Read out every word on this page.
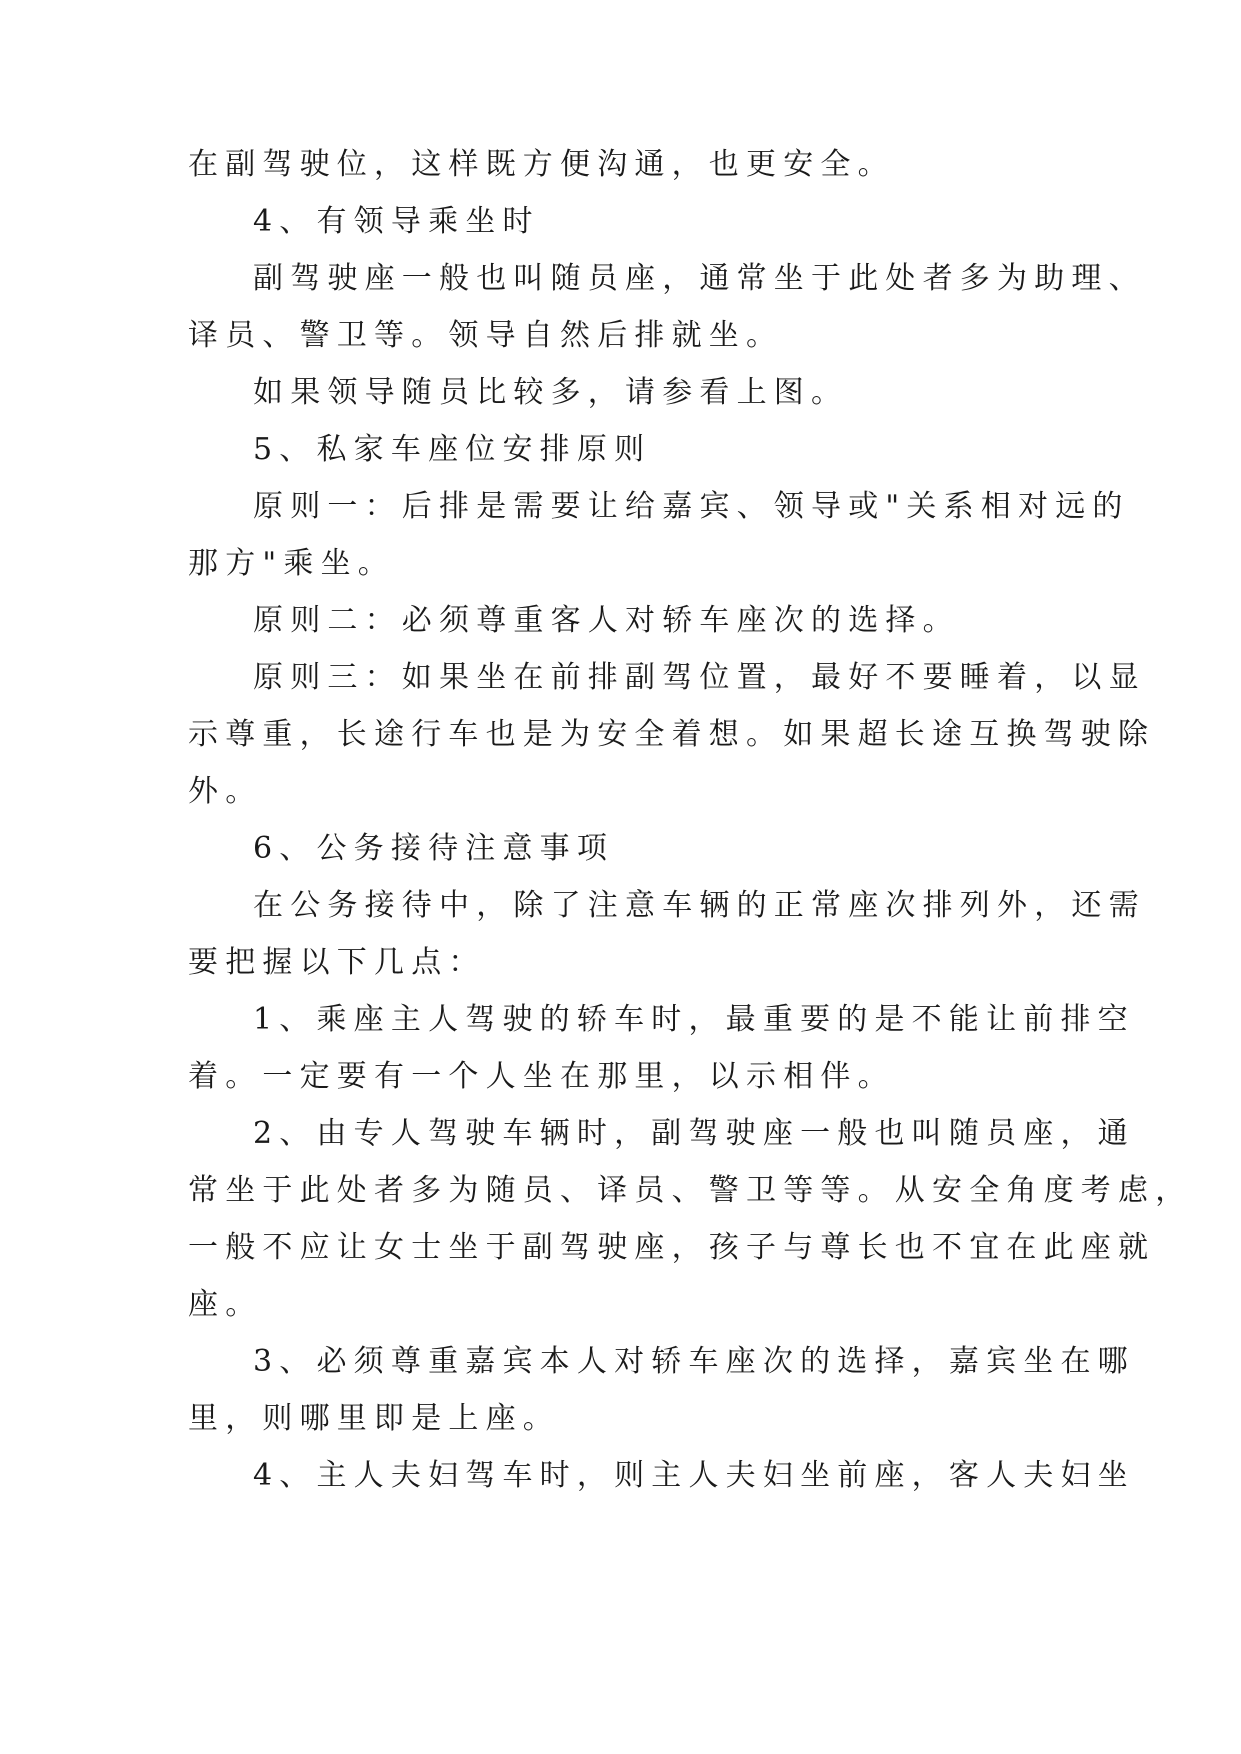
在副驾驶位，这样既方便沟通，也更安全。
4、有领导乘坐时
副驾驶座一般也叫随员座，通常坐于此处者多为助理、
译员、警卫等。领导自然后排就坐。
如果领导随员比较多，请参看上图。
5、私家车座位安排原则
原则一：后排是需要让给嘉宾、领导或"关系相对远的
那方"乘坐。
原则二：必须尊重客人对轿车座次的选择。
原则三：如果坐在前排副驾位置，最好不要睡着，以显
示尊重，长途行车也是为安全着想。如果超长途互换驾驶除
外。
6、公务接待注意事项
在公务接待中，除了注意车辆的正常座次排列外，还需
要把握以下几点：
1、乘座主人驾驶的轿车时，最重要的是不能让前排空
着。一定要有一个人坐在那里，以示相伴。
2、由专人驾驶车辆时，副驾驶座一般也叫随员座，通
常坐于此处者多为随员、译员、警卫等等。从安全角度考虑，
一般不应让女士坐于副驾驶座，孩子与尊长也不宜在此座就
座。
3、必须尊重嘉宾本人对轿车座次的选择，嘉宾坐在哪
里，则哪里即是上座。
4、主人夫妇驾车时，则主人夫妇坐前座，客人夫妇坐
